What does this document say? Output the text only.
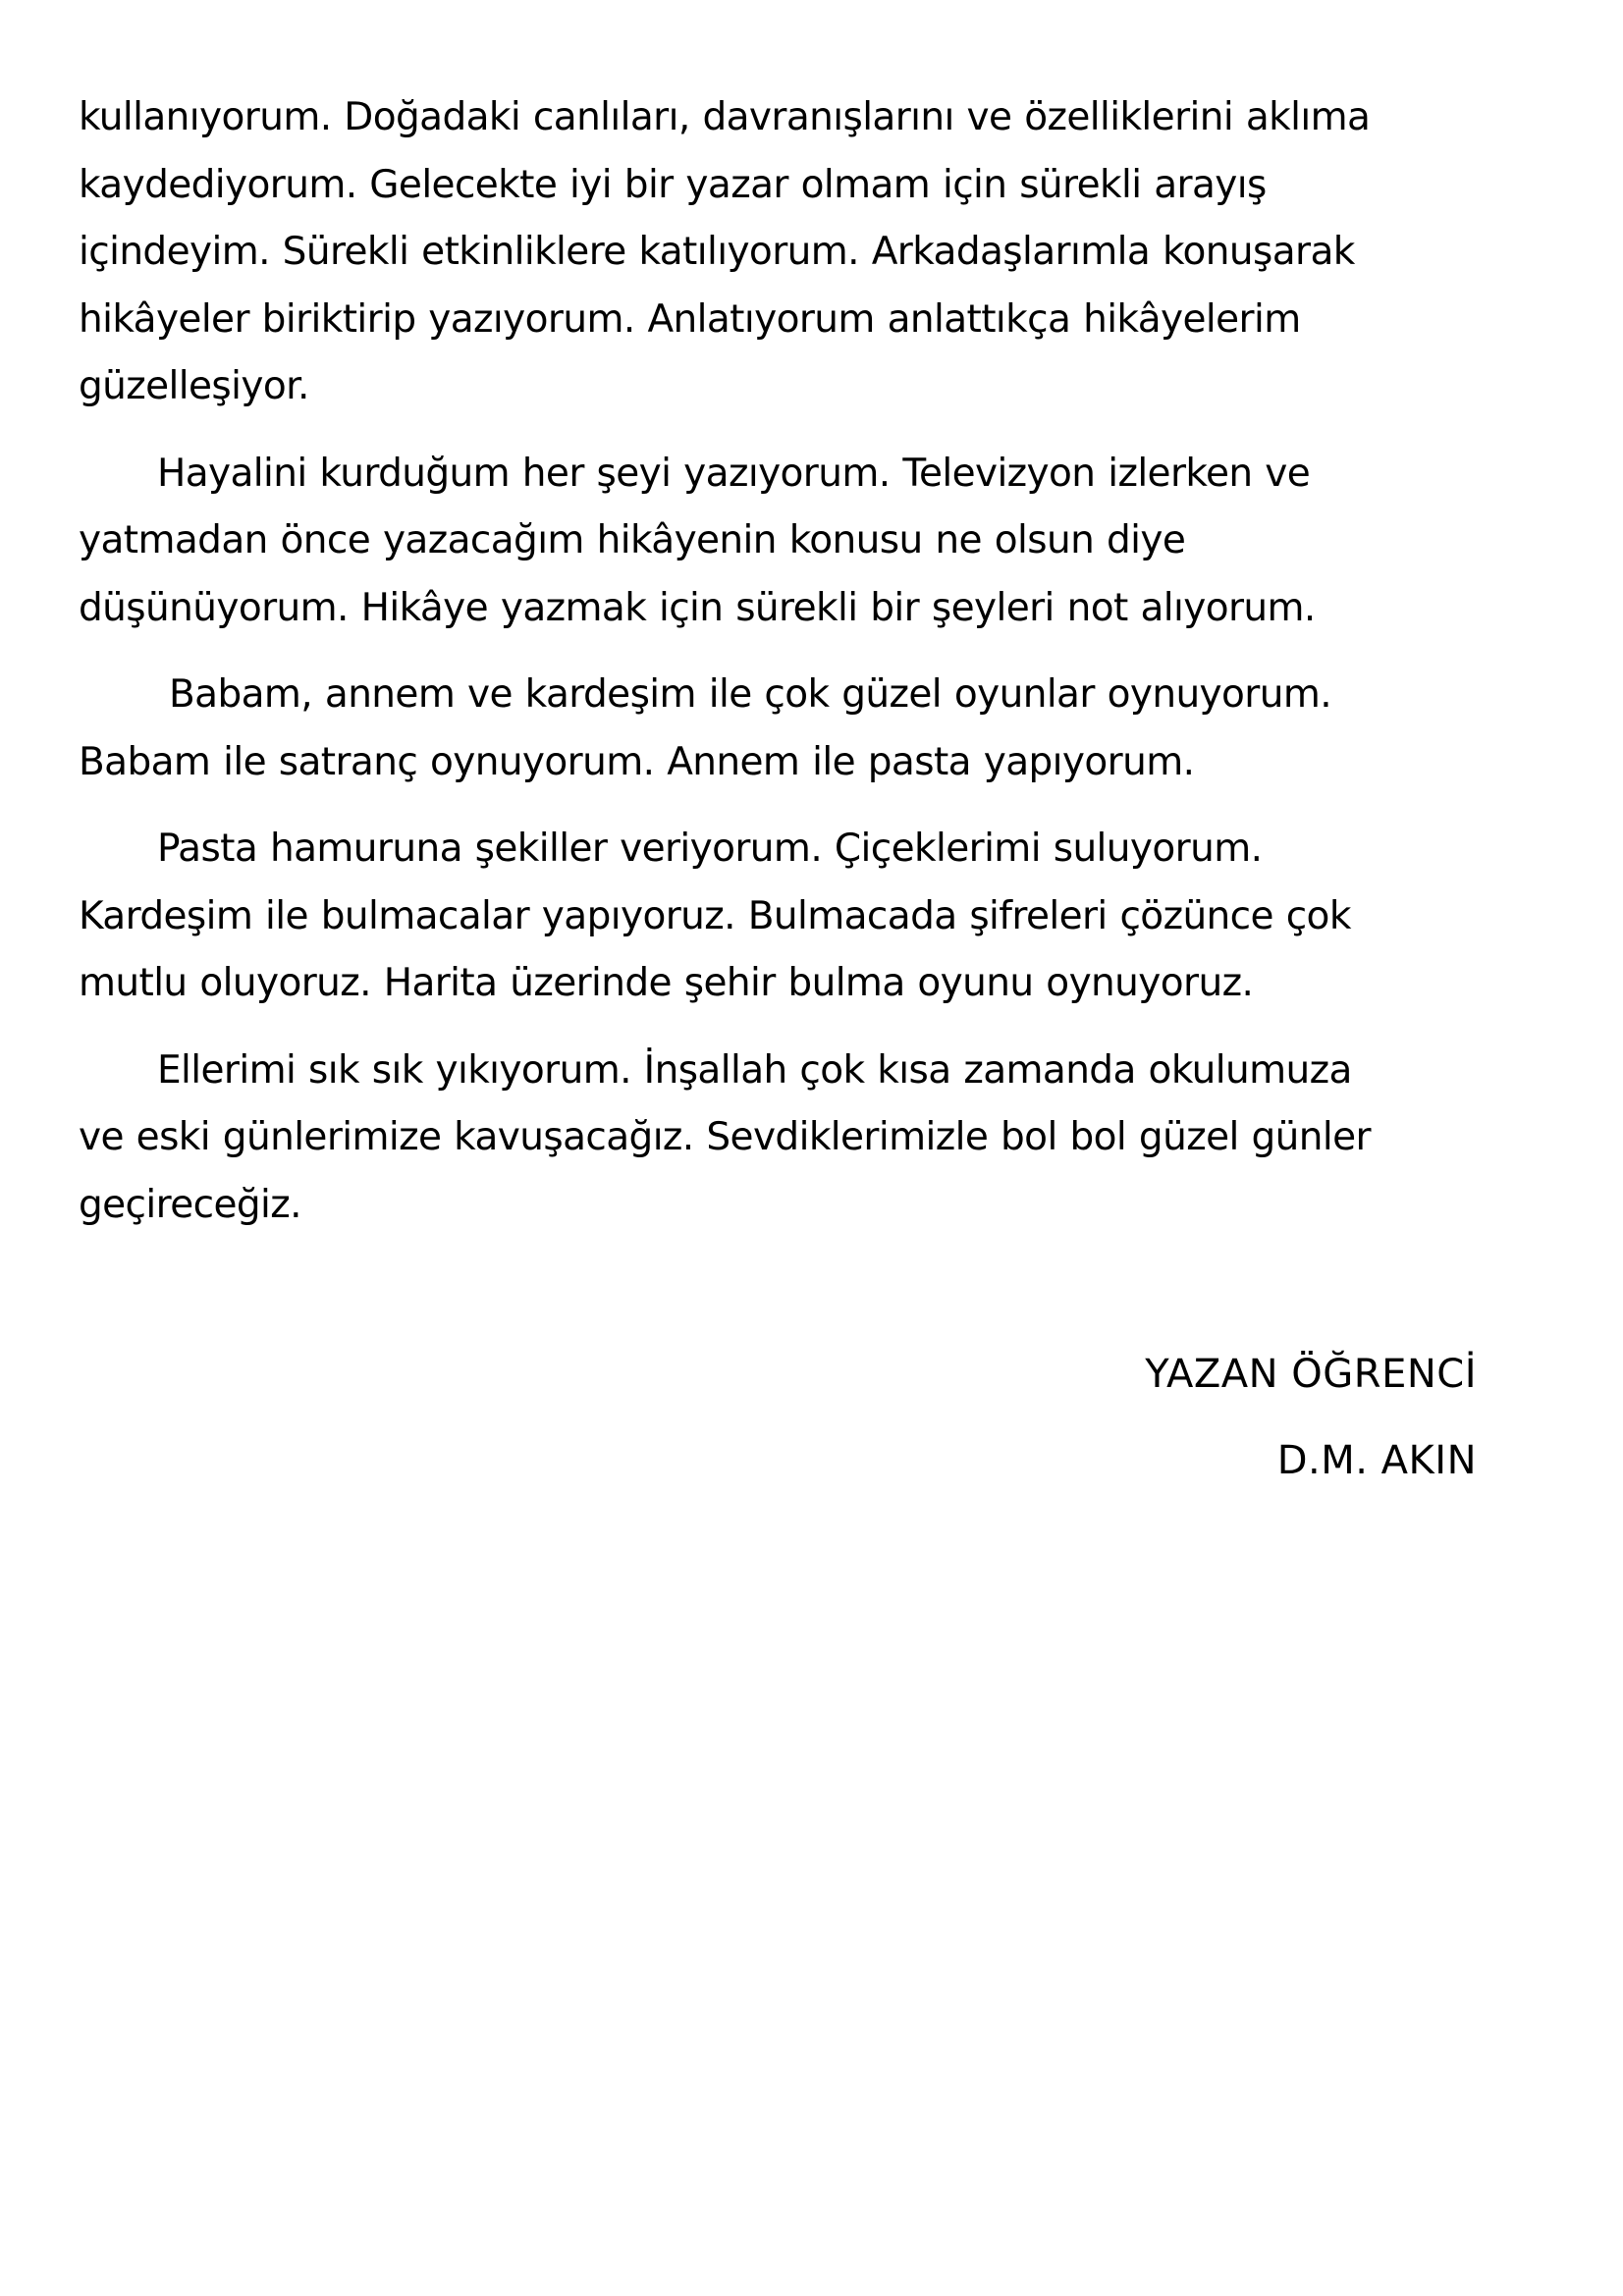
kullanıyorum. Doğadaki canlıları, davranışlarını ve özelliklerini aklıma
kaydediyorum. Gelecekte iyi bir yazar olmam için sürekli arayış
içindeyim. Sürekli etkinliklere katılıyorum. Arkadaşlarımla konuşarak
hikâyeler biriktirip yazıyorum. Anlatıyorum anlattıkça hikâyelerim
güzelleşiyor.

Hayalini kurduğum her şeyi yazıyorum. Televizyon izlerken ve
yatmadan önce yazacağım hikâyenin konusu ne olsun diye
düşünüyorum. Hikâye yazmak için sürekli bir şeyleri not alıyorum.

Babam, annem ve kardeşim ile çok güzel oyunlar oynuyorum.
Babam ile satranç oynuyorum. Annem ile pasta yapıyorum.

Pasta hamuruna şekiller veriyorum. Çiçeklerimi suluyorum.
Kardeşim ile bulmacalar yapıyoruz. Bulmacada şifreleri çözünce çok
mutlu oluyoruz. Harita üzerinde şehir bulma oyunu oynuyoruz.

Ellerimi sık sık yıkıyorum. İnşallah çok kısa zamanda okulumuza
ve eski günlerimize kavuşacağız. Sevdiklerimizle bol bol güzel günler
geçireceğiz.

YAZAN ÖĞRENCİ
D.M. AKIN
